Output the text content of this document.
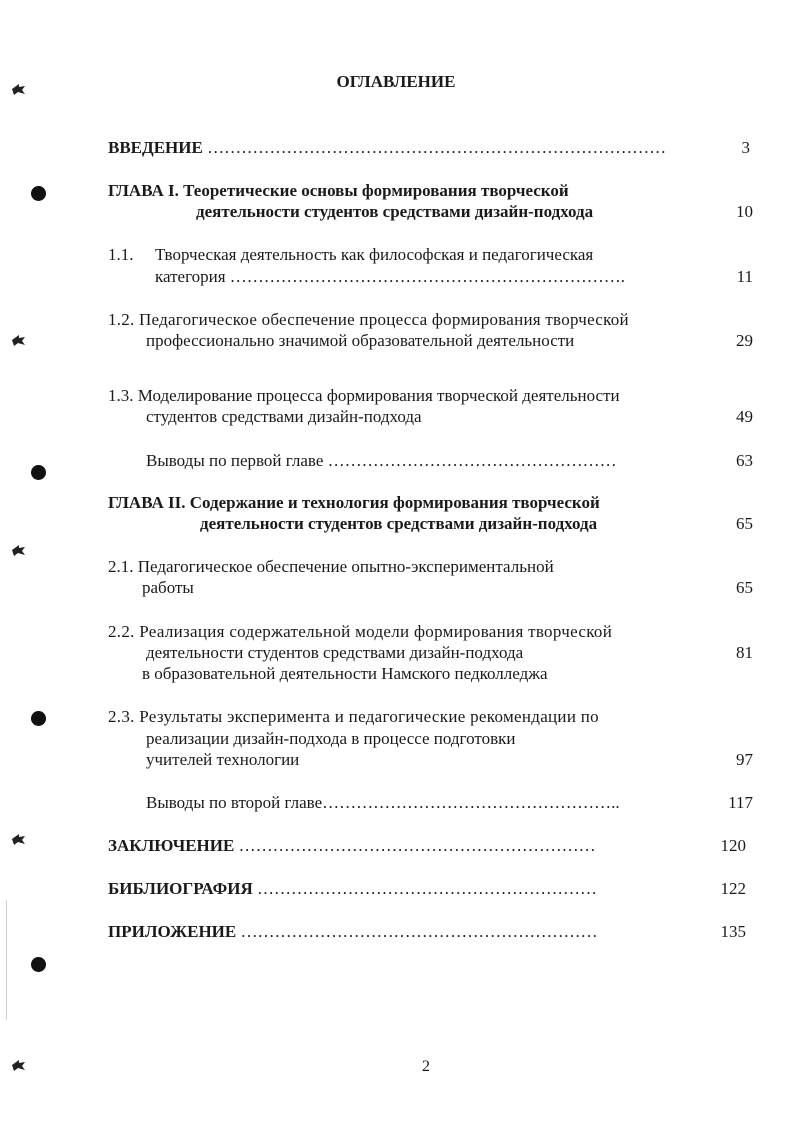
ОГЛАВЛЕНИЕ
ВВЕДЕНИЕ ………………………………………………………………………	3
ГЛАВА I. Теоретические основы формирования творческой
деятельности студентов средствами дизайн-подхода	10
1.1. Творческая деятельность как философская и педагогическая
категория …………………………………………………………….	11
1.2. Педагогическое обеспечение процесса формирования творческой
профессионально значимой образовательной деятельности	29
1.3. Моделирование процесса формирования творческой деятельности
студентов средствами дизайн-подхода	49
Выводы по первой главе ……………………………………………	63
ГЛАВА II. Содержание и технология формирования творческой
деятельности студентов средствами дизайн-подхода	65
2.1. Педагогическое обеспечение опытно-экспериментальной
работы	65
2.2. Реализация содержательной модели формирования творческой
деятельности студентов средствами дизайн-подхода	81
в образовательной деятельности Намского педколледжа
2.3. Результаты эксперимента и педагогические рекомендации по
реализации дизайн-подхода в процессе подготовки
учителей технологии	97
Выводы по второй главе……………………………………………..	117
ЗАКЛЮЧЕНИЕ ………………………………………………………	120
БИБЛИОГРАФИЯ ……………………………………………………	122
ПРИЛОЖЕНИЕ ………………………………………………………	135
2
